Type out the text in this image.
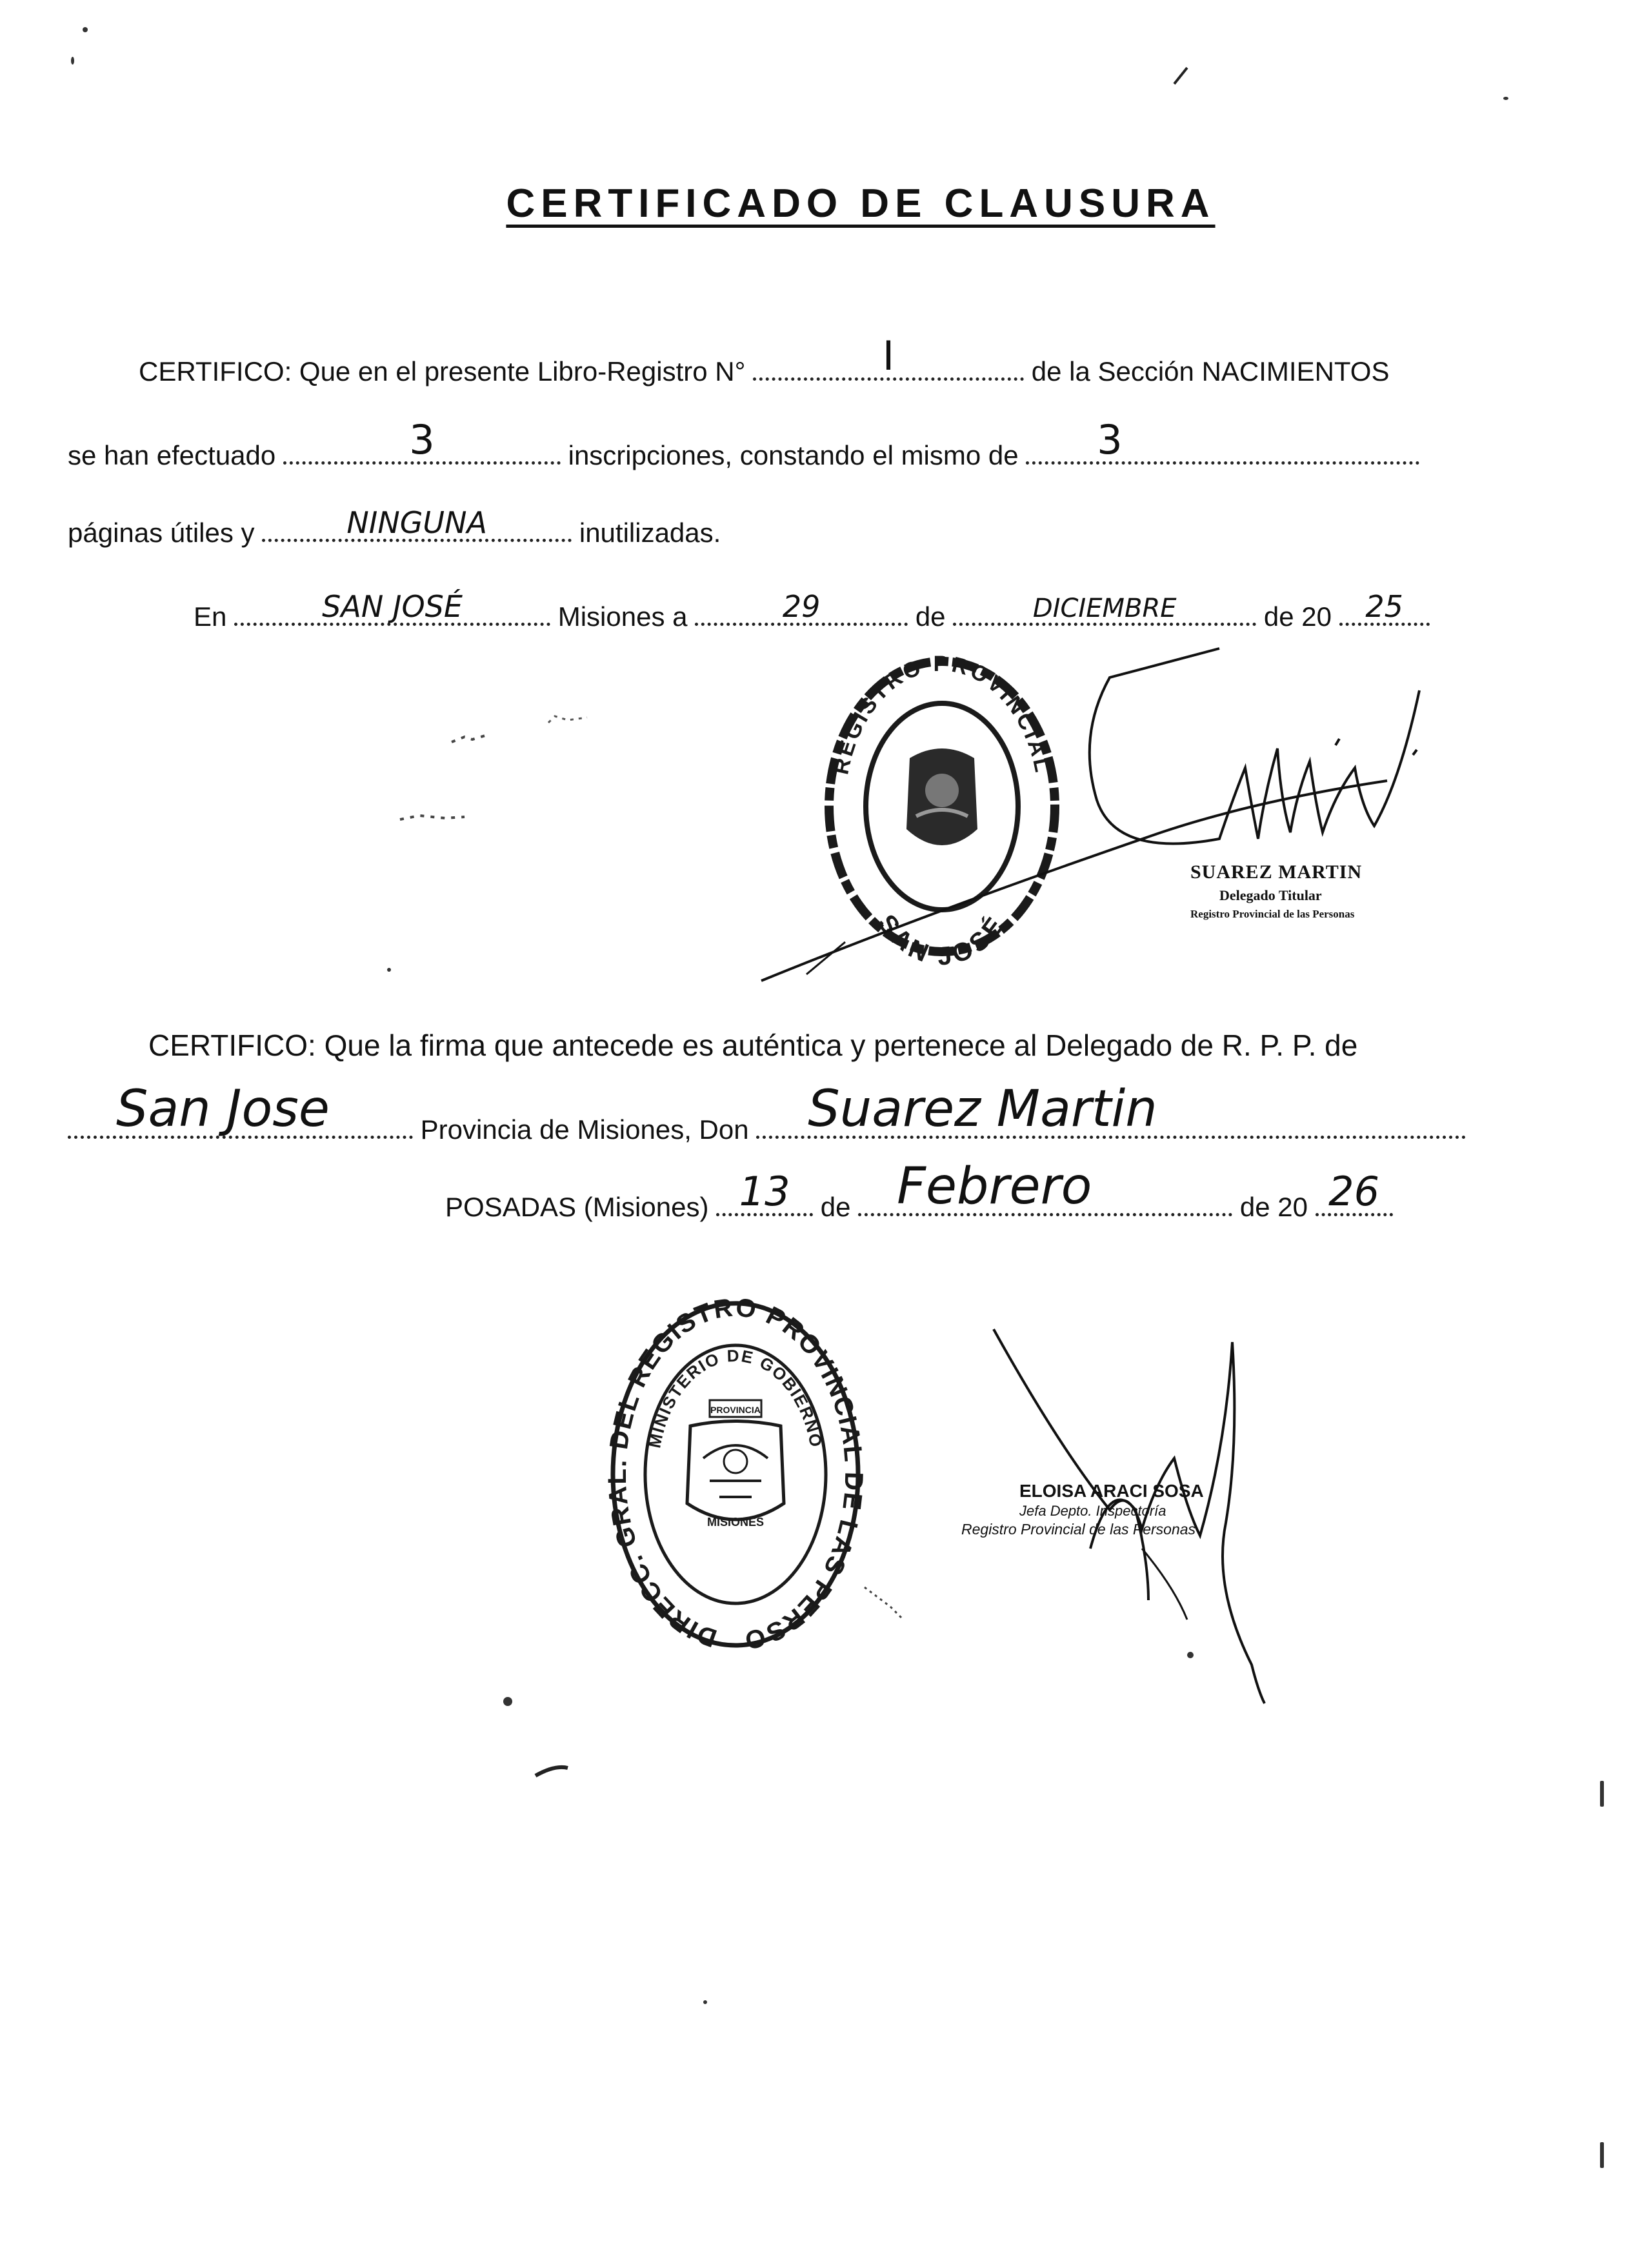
CERTIFICADO DE CLAUSURA
CERTIFICO: Que en el presente Libro-Registro N°	I	de la Sección NACIMIENTOS
se han efectuado	3	inscripciones, constando el mismo de	3
páginas útiles y	NINGUNA	inutilizadas.
En	SAN JOSÉ	Misiones a	29	de	DICIEMBRE	de 20	25
REGISTRO PROVINCIAL
SAN JOSÉ
SUAREZ MARTIN
Delegado Titular
Registro Provincial de las Personas
CERTIFICO: Que la firma que antecede es auténtica y pertenece al Delegado de R. P. P. de
San Jose	Provincia de Misiones, Don	Suarez Martin
POSADAS (Misiones) 13	de Febrero	de 20 26
DIRECC. GRAL. DEL REGISTRO PROVINCIAL DE LAS PERSONAS
MINISTERIO DE GOBIERNO
PROVINCIA
MISIONES
ELOISA ARACI SOSA
Jefa Depto. Inspectoría
Registro Provincial de las Personas
